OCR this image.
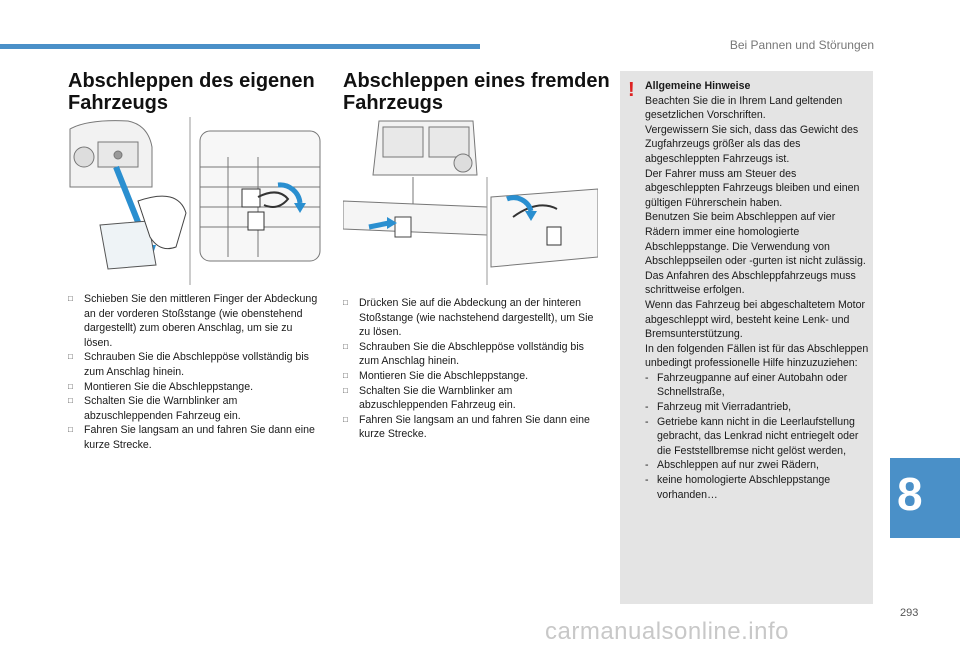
Bei Pannen und Störungen
Abschleppen des eigenen
Fahrzeugs
□ Schieben Sie den mittleren Finger der Abdeckung an der vorderen Stoßstange (wie obenstehend dargestellt) zum oberen Anschlag, um sie zu lösen.
□ Schrauben Sie die Abschleppöse vollständig bis zum Anschlag hinein.
□ Montieren Sie die Abschleppstange.
□ Schalten Sie die Warnblinker am abzuschleppenden Fahrzeug ein.
□ Fahren Sie langsam an und fahren Sie dann eine kurze Strecke.
Abschleppen eines fremden
Fahrzeugs
□ Drücken Sie auf die Abdeckung an der hinteren Stoßstange (wie nachstehend dargestellt), um Sie zu lösen.
□ Schrauben Sie die Abschleppöse vollständig bis zum Anschlag hinein.
□ Montieren Sie die Abschleppstange.
□ Schalten Sie die Warnblinker am abzuschleppenden Fahrzeug ein.
□ Fahren Sie langsam an und fahren Sie dann eine kurze Strecke.
! Allgemeine Hinweise
Beachten Sie die in Ihrem Land geltenden gesetzlichen Vorschriften.
Vergewissern Sie sich, dass das Gewicht des Zugfahrzeugs größer als das des abgeschleppten Fahrzeugs ist.
Der Fahrer muss am Steuer des abgeschleppten Fahrzeugs bleiben und einen gültigen Führerschein haben.
Benutzen Sie beim Abschleppen auf vier Rädern immer eine homologierte Abschleppstange. Die Verwendung von Abschleppseilen oder -gurten ist nicht zulässig.
Das Anfahren des Abschleppfahrzeugs muss schrittweise erfolgen.
Wenn das Fahrzeug bei abgeschaltetem Motor abgeschleppt wird, besteht keine Lenk- und Bremsunterstützung.
In den folgenden Fällen ist für das Abschleppen unbedingt professionelle Hilfe hinzuzuziehen:
- Fahrzeugpanne auf einer Autobahn oder Schnellstraße,
- Fahrzeug mit Vierradantrieb,
- Getriebe kann nicht in die Leerlaufstellung gebracht, das Lenkrad nicht entriegelt oder die Feststellbremse nicht gelöst werden,
- Abschleppen auf nur zwei Rädern,
- keine homologierte Abschleppstange vorhanden…	8
293
carmanualsonline.info
